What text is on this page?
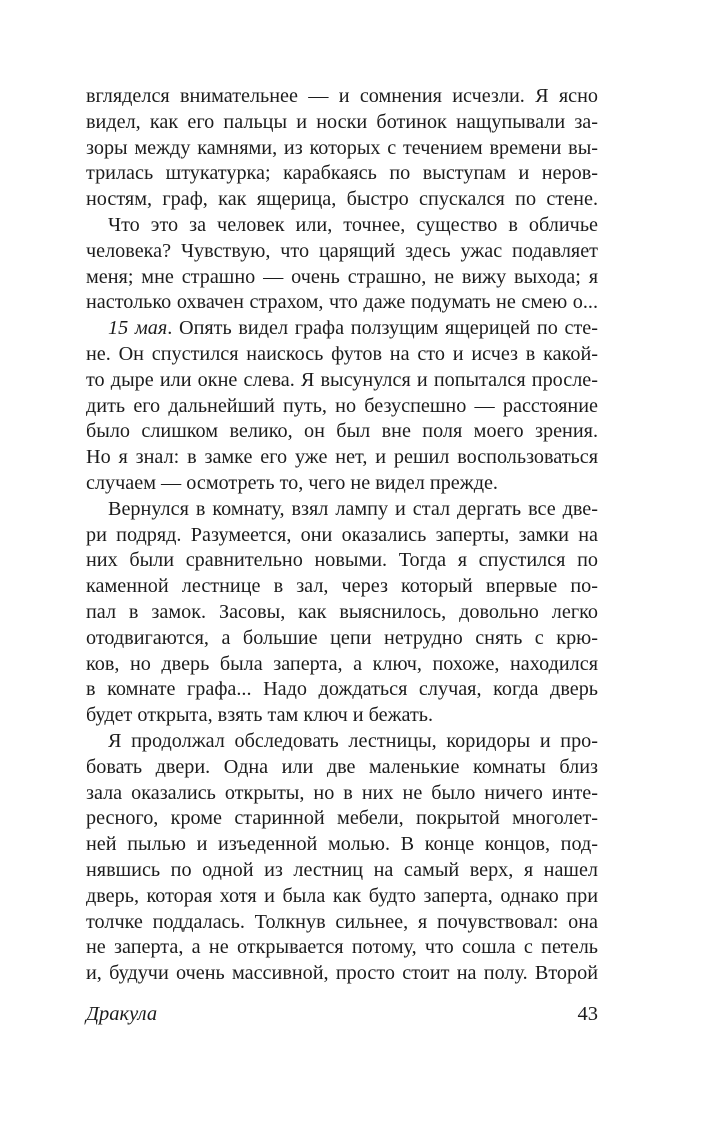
вгляделся внимательнее — и сомнения исчезли. Я ясно
видел, как его пальцы и носки ботинок нащупывали за-
зоры между камнями, из которых с течением времени вы-
трилась штукатурка; карабкаясь по выступам и неров-
ностям, граф, как ящерица, быстро спускался по стене.
Что это за человек или, точнее, существо в обличье
человека? Чувствую, что царящий здесь ужас подавляет
меня; мне страшно — очень страшно, не вижу выхода; я
настолько охвачен страхом, что даже подумать не смею о...
15 мая. Опять видел графа ползущим ящерицей по сте-
не. Он спустился наискось футов на сто и исчез в какой-
то дыре или окне слева. Я высунулся и попытался просле-
дить его дальнейший путь, но безуспешно — расстояние
было слишком велико, он был вне поля моего зрения.
Но я знал: в замке его уже нет, и решил воспользоваться
случаем — осмотреть то, чего не видел прежде.
Вернулся в комнату, взял лампу и стал дергать все две-
ри подряд. Разумеется, они оказались заперты, замки на
них были сравнительно новыми. Тогда я спустился по
каменной лестнице в зал, через который впервые по-
пал в замок. Засовы, как выяснилось, довольно легко
отодвигаются, а большие цепи нетрудно снять с крю-
ков, но дверь была заперта, а ключ, похоже, находился
в комнате графа... Надо дождаться случая, когда дверь
будет открыта, взять там ключ и бежать.
Я продолжал обследовать лестницы, коридоры и про-
бовать двери. Одна или две маленькие комнаты близ
зала оказались открыты, но в них не было ничего инте-
ресного, кроме старинной мебели, покрытой многолет-
ней пылью и изъеденной молью. В конце концов, под-
нявшись по одной из лестниц на самый верх, я нашел
дверь, которая хотя и была как будто заперта, однако при
толчке поддалась. Толкнув сильнее, я почувствовал: она
не заперта, а не открывается потому, что сошла с петель
и, будучи очень массивной, просто стоит на полу. Второй
Дракула	43
